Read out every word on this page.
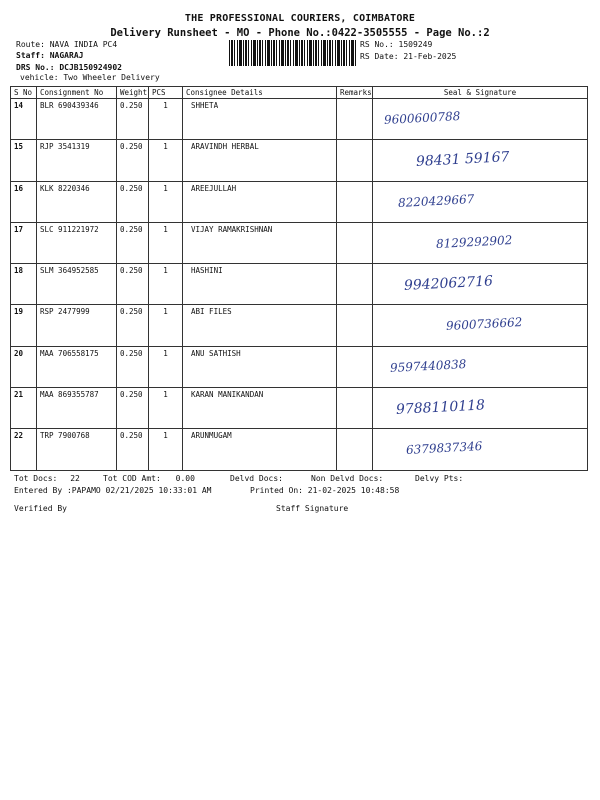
THE PROFESSIONAL COURIERS, COIMBATORE
Delivery Runsheet - MO - Phone No.:0422-3505555 - Page No.:2
Route: NAVA INDIA PC4
Staff: NAGARAJ
DRS No.: DCJB150924902
vehicle: Two Wheeler Delivery
RS No.: 1509249
RS Date: 21-Feb-2025
S No	Consignment No	Weight	PCS	Consignee Details	Remarks	Seal & Signature
14	BLR 690439346	0.250	1	SHHETA		9600600788

15	RJP 3541319	0.250	1	ARAVINDH HERBAL		98431 59167

16	KLK 8220346	0.250	1	AREEJULLAH		8220429667

17	SLC 911221972	0.250	1	VIJAY RAMAKRISHNAN		8129292902

18	SLM 364952585	0.250	1	HASHINI		9942062716

19	RSP 2477999	0.250	1	ABI FILES		9600736662

20	MAA 706558175	0.250	1	ANU SATHISH		9597440838

21	MAA 869355787	0.250	1	KARAN MANIKANDAN		9788110118

22	TRP 7900768	0.250	1	ARUNMUGAM		6379837346
Tot Docs: 22	Tot COD Amt: 0.00	Delvd Docs:	Non Delvd Docs:	Delvy Pts:
Entered By :PAPAMO 02/21/2025 10:33:01 AM	Printed On: 21-02-2025 10:48:58
Verified By	Staff Signature
